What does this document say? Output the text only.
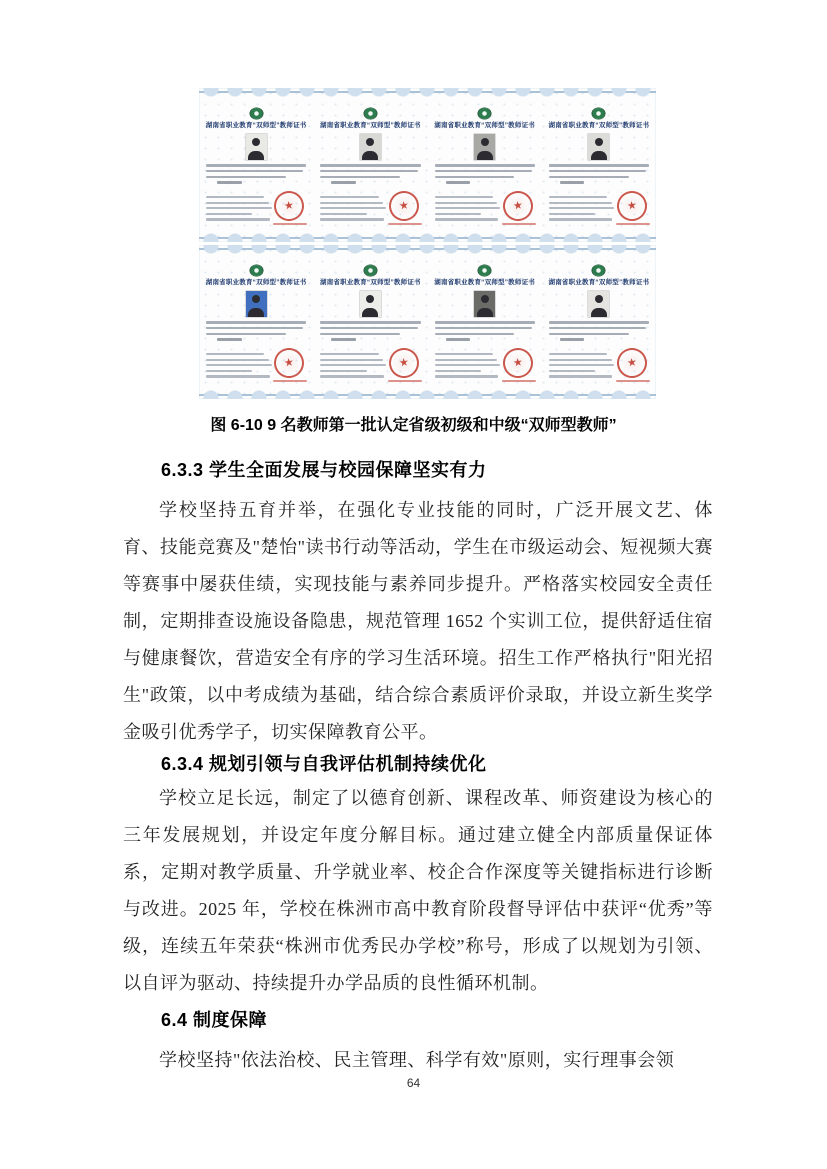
湖南省职业教育“双师型”教师证书
★
湖南省职业教育“双师型”教师证书
★
湖南省职业教育“双师型”教师证书
★
湖南省职业教育“双师型”教师证书
★
湖南省职业教育“双师型”教师证书
★
湖南省职业教育“双师型”教师证书
★
湖南省职业教育“双师型”教师证书
★
湖南省职业教育“双师型”教师证书
★
图 6-10 9 名教师第一批认定省级初级和中级“双师型教师”
6.3.3 学生全面发展与校园保障坚实有力

学校坚持五育并举，在强化专业技能的同时，广泛开展文艺、体育、技能竞赛及"楚怡"读书行动等活动，学生在市级运动会、短视频大赛等赛事中屡获佳绩，实现技能与素养同步提升。严格落实校园安全责任制，定期排查设施设备隐患，规范管理 1652 个实训工位，提供舒适住宿与健康餐饮，营造安全有序的学习生活环境。招生工作严格执行"阳光招生"政策，以中考成绩为基础，结合综合素质评价录取，并设立新生奖学金吸引优秀学子，切实保障教育公平。

6.3.4 规划引领与自我评估机制持续优化

学校立足长远，制定了以德育创新、课程改革、师资建设为核心的三年发展规划，并设定年度分解目标。通过建立健全内部质量保证体系，定期对教学质量、升学就业率、校企合作深度等关键指标进行诊断与改进。2025 年，学校在株洲市高中教育阶段督导评估中获评“优秀”等级，连续五年荣获“株洲市优秀民办学校”称号，形成了以规划为引领、以自评为驱动、持续提升办学品质的良性循环机制。

6.4 制度保障

学校坚持"依法治校、民主管理、科学有效"原则，实行理事会领

64
